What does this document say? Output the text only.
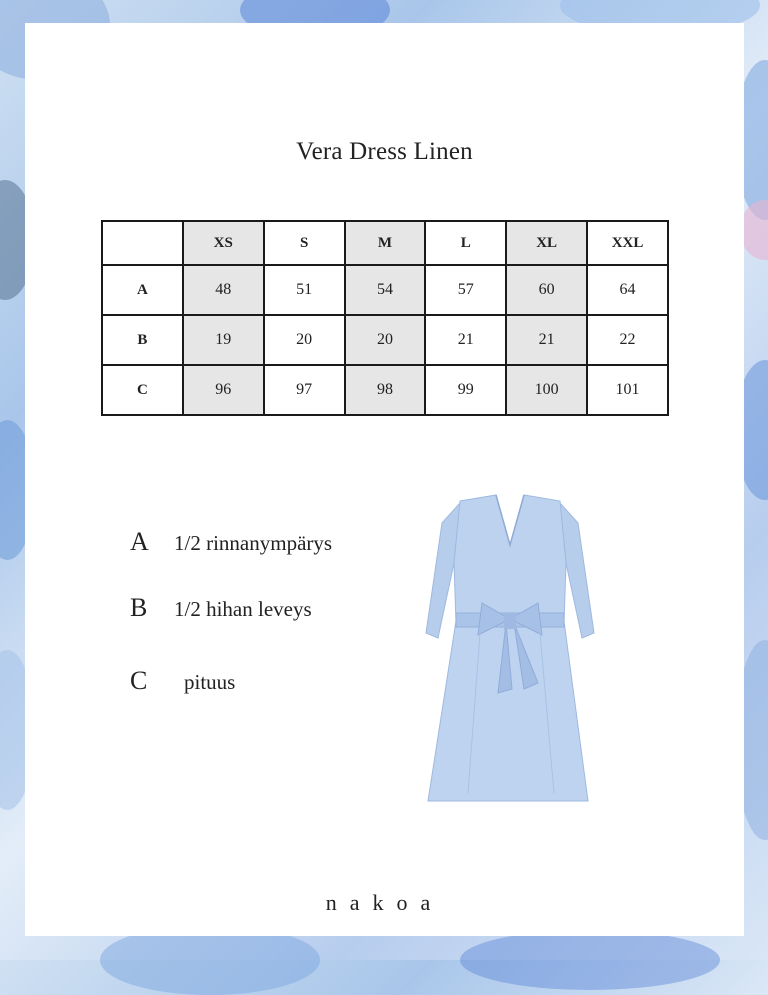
Vera Dress Linen
	XS	S	M	L	XL	XXL
A	48	51	54	57	60	64
B	19	20	20	21	21	22
C	96	97	98	99	100	101
A 1/2 rinnanympärys
B 1/2 hihan leveys
C pituus
nakoa
